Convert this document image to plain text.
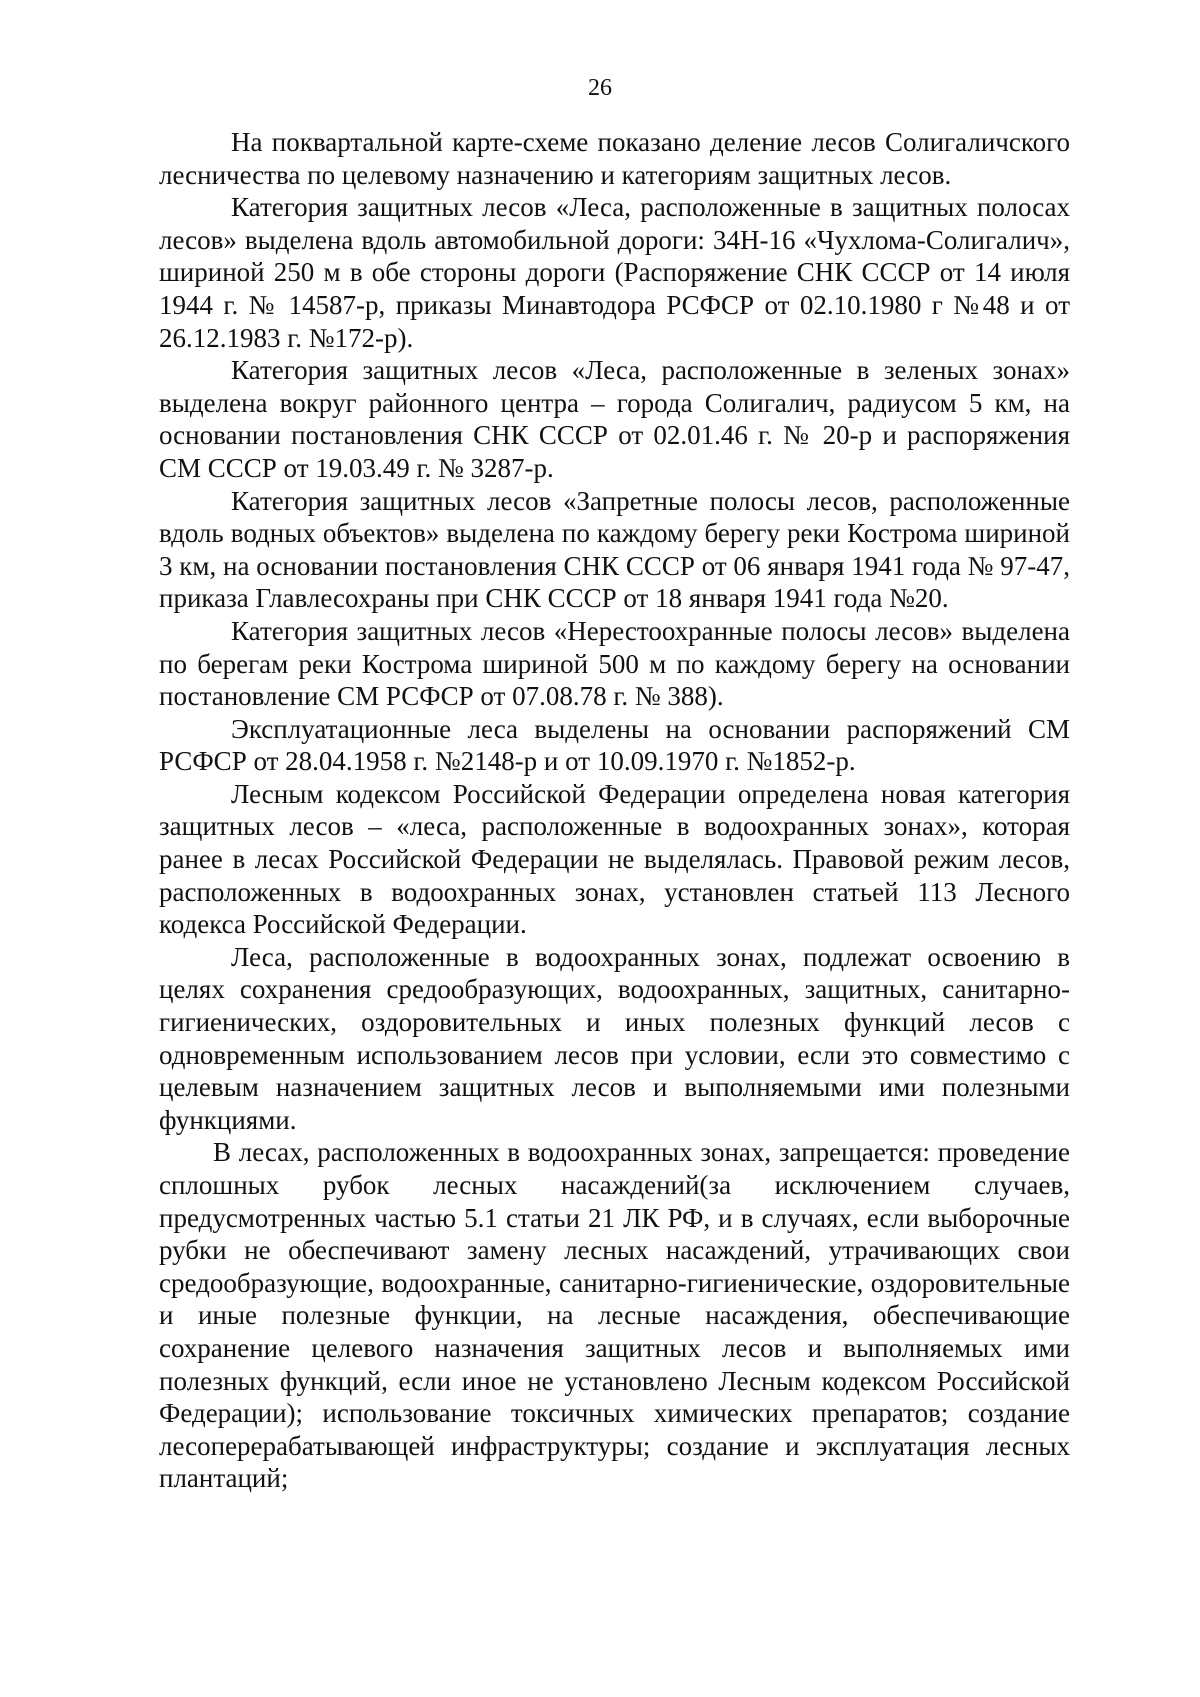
26

На поквартальной карте-схеме показано деление лесов Солигаличского лесничества по целевому назначению и категориям защитных лесов.

Категория защитных лесов «Леса, расположенные в защитных полосах лесов» выделена вдоль автомобильной дороги: 34Н-16 «Чухлома-Солигалич», шириной 250 м в обе стороны дороги (Распоряжение СНК СССР от 14 июля 1944 г. № 14587-р, приказы Минавтодора РСФСР от 02.10.1980 г №48 и от 26.12.1983 г. №172-р).

Категория защитных лесов «Леса, расположенные в зеленых зонах» выделена вокруг районного центра – города Солигалич, радиусом 5 км, на основании постановления СНК СССР от 02.01.46 г. № 20-р и распоряжения СМ СССР от 19.03.49 г. № 3287-р.

Категория защитных лесов «Запретные полосы лесов, расположенные вдоль водных объектов» выделена по каждому берегу реки Кострома шириной 3 км, на основании постановления СНК СССР от 06 января 1941 года № 97-47, приказа Главлесохраны при СНК СССР от 18 января 1941 года №20.

Категория защитных лесов «Нерестоохранные полосы лесов» выделена по берегам реки Кострома шириной 500 м по каждому берегу на основании постановление СМ РСФСР от 07.08.78 г. № 388).

Эксплуатационные леса выделены на основании распоряжений СМ РСФСР от 28.04.1958 г. №2148-р и от 10.09.1970 г. №1852-р.

Лесным кодексом Российской Федерации определена новая категория защитных лесов – «леса, расположенные в водоохранных зонах», которая ранее в лесах Российской Федерации не выделялась. Правовой режим лесов, расположенных в водоохранных зонах, установлен статьей 113 Лесного кодекса Российской Федерации.

Леса, расположенные в водоохранных зонах, подлежат освоению в целях сохранения средообразующих, водоохранных, защитных, санитарно-гигиенических, оздоровительных и иных полезных функций лесов с одновременным использованием лесов при условии, если это совместимо с целевым назначением защитных лесов и выполняемыми ими полезными функциями.

В лесах, расположенных в водоохранных зонах, запрещается: проведение сплошных рубок лесных насаждений(за исключением случаев, предусмотренных частью 5.1 статьи 21 ЛК РФ, и в случаях, если выборочные рубки не обеспечивают замену лесных насаждений, утрачивающих свои средообразующие, водоохранные, санитарно-гигиенические, оздоровительные и иные полезные функции, на лесные насаждения, обеспечивающие сохранение целевого назначения защитных лесов и выполняемых ими полезных функций, если иное не установлено Лесным кодексом Российской Федерации); использование токсичных химических препаратов; создание лесоперерабатывающей инфраструктуры; создание и эксплуатация лесных плантаций;
